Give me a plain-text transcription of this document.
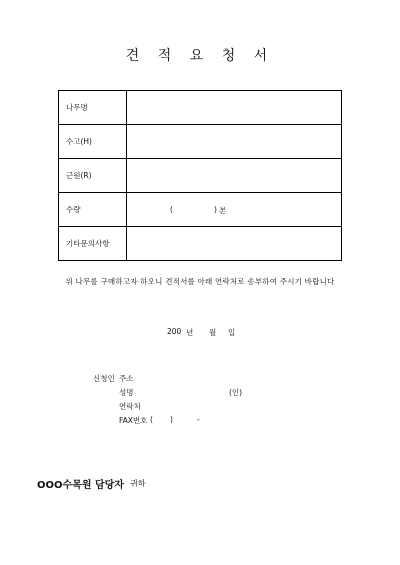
견 적 요 청 서
나무명	
수고(H)	
근원(R)	
수량	( ) 본

기타문의사항	
위 나무를 구매하고자 하오니 견적서를 아래 연락처로 송부하여 주시기 바랍니다
200 년 월 일
신청인 주소
성명	(인)
연락처
FAX번호 ( )	-
OOO수목원 담당자 귀하
